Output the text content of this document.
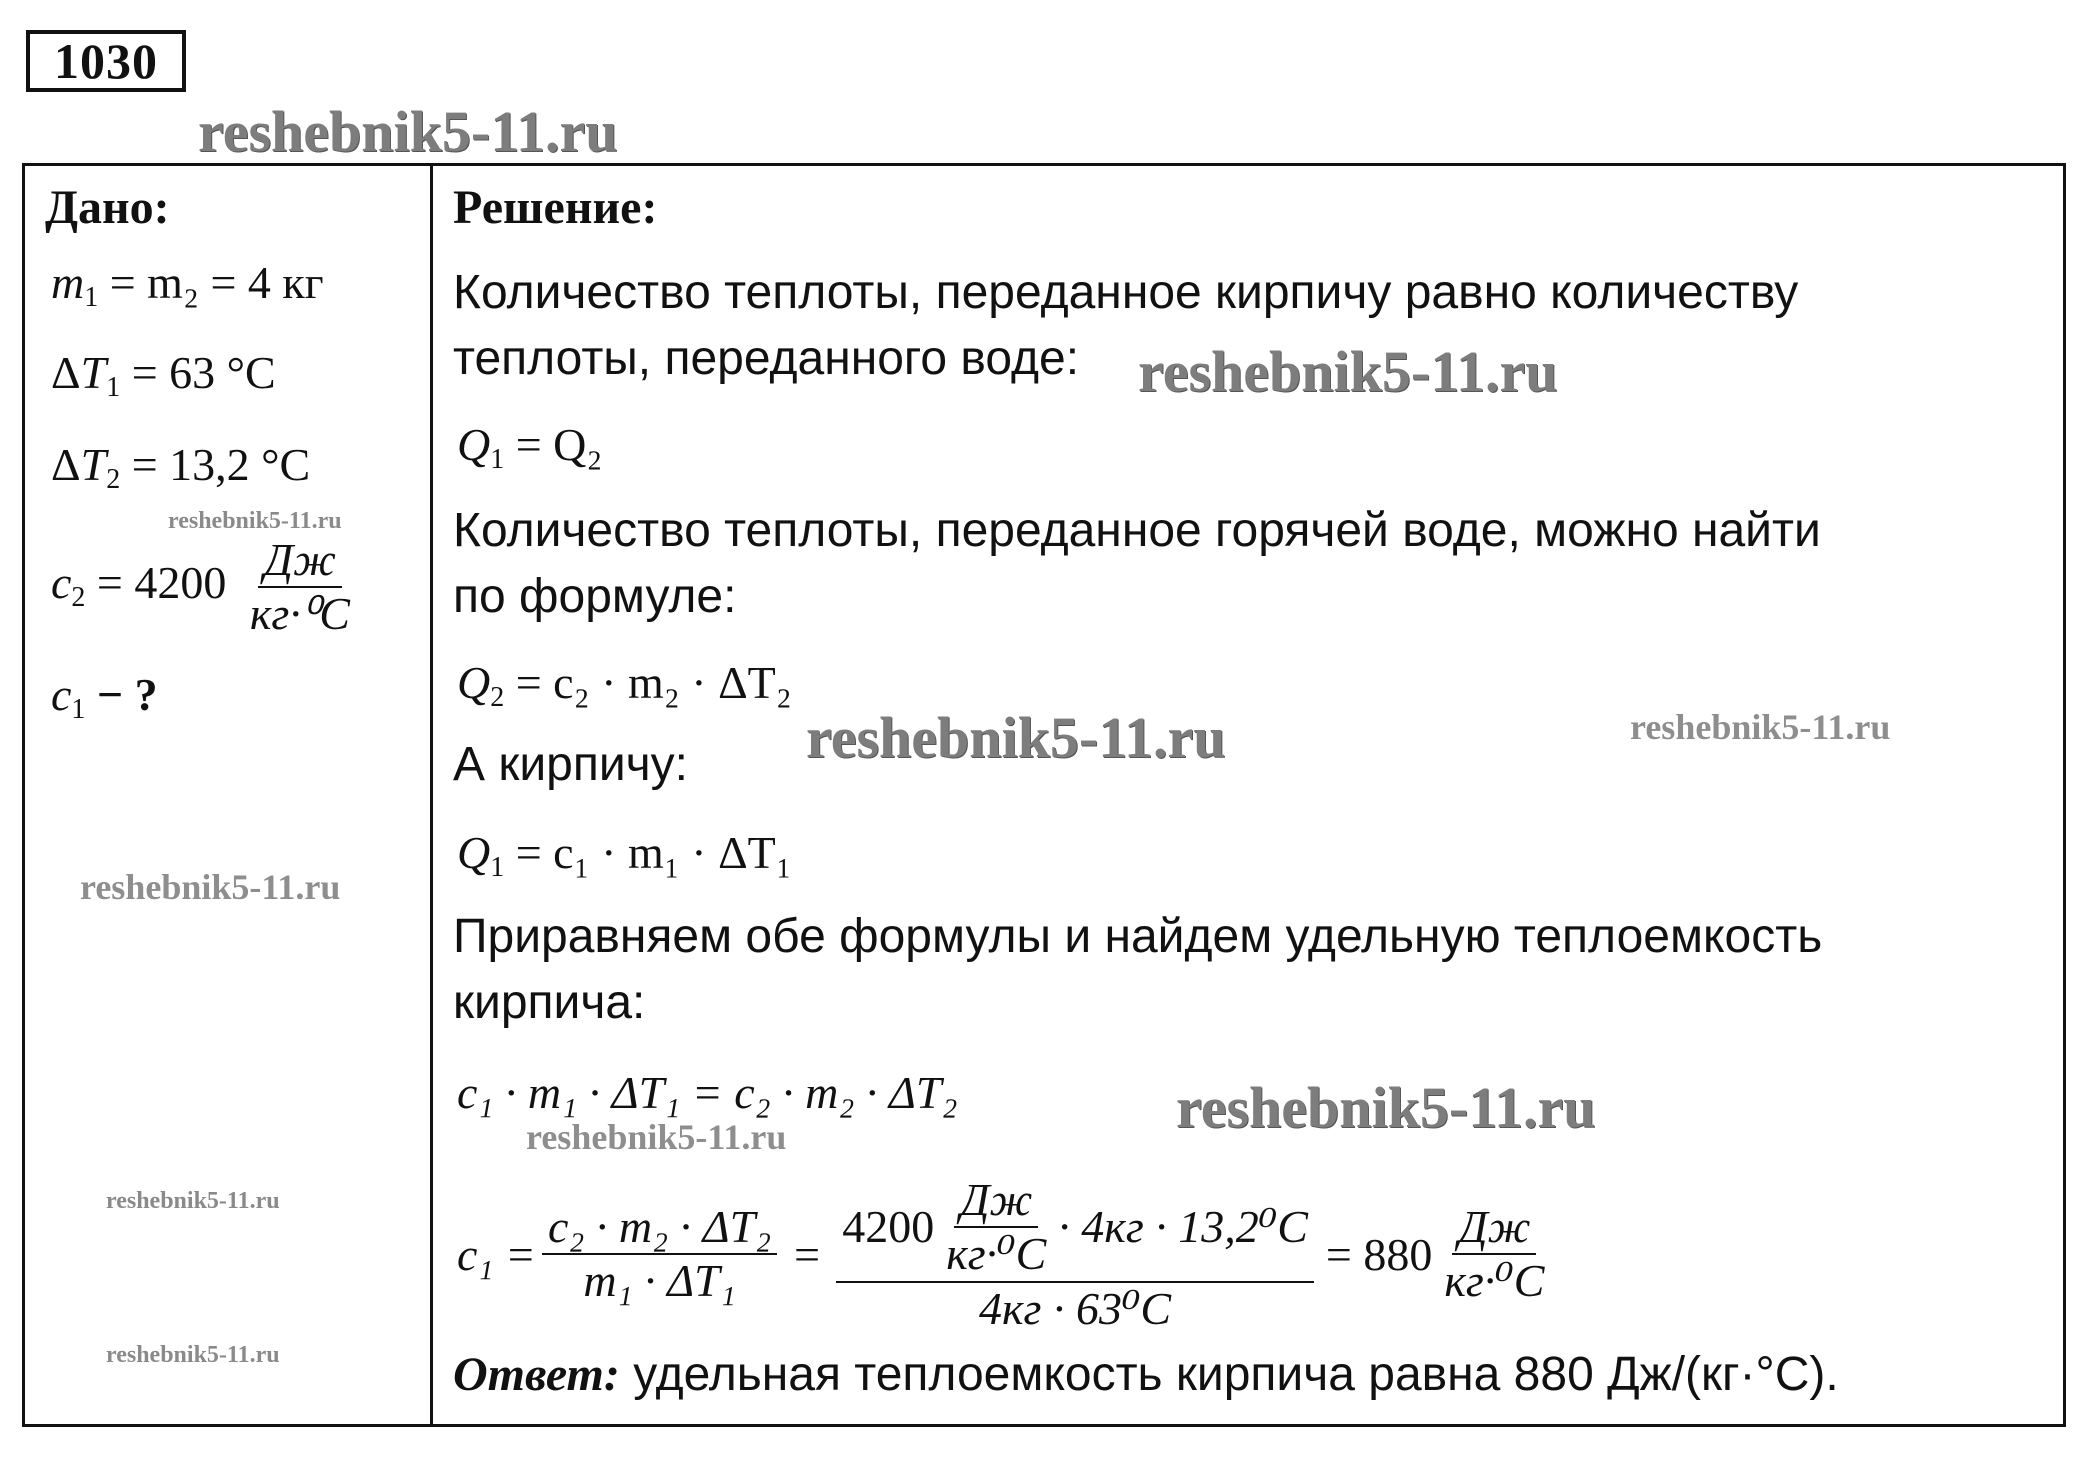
1030
reshebnik5-11.ru
reshebnik5-11.ru
reshebnik5-11.ru	reshebnik5-11.ru
reshebnik5-11.ru
reshebnik5-11.ru
reshebnik5-11.ru
reshebnik5-11.ru
reshebnik5-11.ru
reshebnik5-11.ru
Дано:
$m_1 = m_2 = 4$ кг
$\Delta T_1 = 63$ °C
$\Delta T_2 = 13,2$ °C
$c_2 = 4200 \frac{Дж}{\text{кг·⁰C}}$
$c_1$ − ?
Решение:
Количество теплоты, переданное кирпичу равно количеству
теплоты, переданного воде:
$Q_1 = Q_2$
Количество теплоты, переданное горячей воде, можно найти
по формуле:
$Q_2 = c_2 \cdot m_2 \cdot \Delta T_2$
А кирпичу:
$Q_1 = c_1 \cdot m_1 \cdot \Delta T_1$
Приравняем обе формулы и найдем удельную теплоемкость
кирпича:
c₁ · m₁ · ΔT₁ = c₂ · m₂ · ΔT₂
$c_1 = \frac{\text{c₂ · m₂ · ΔT₂}}{\text{m₁ · ΔT₁}}$ =
$4200 \frac{Дж}{\text{кг·⁰C}} \cdot 4кг \cdot 13,2^0C$
4кг · 63⁰C
= $880 \frac{Дж}{\text{кг·⁰C}}$
Ответ: удельная теплоемкость кирпича равна 880 Дж/(кг·°C).
